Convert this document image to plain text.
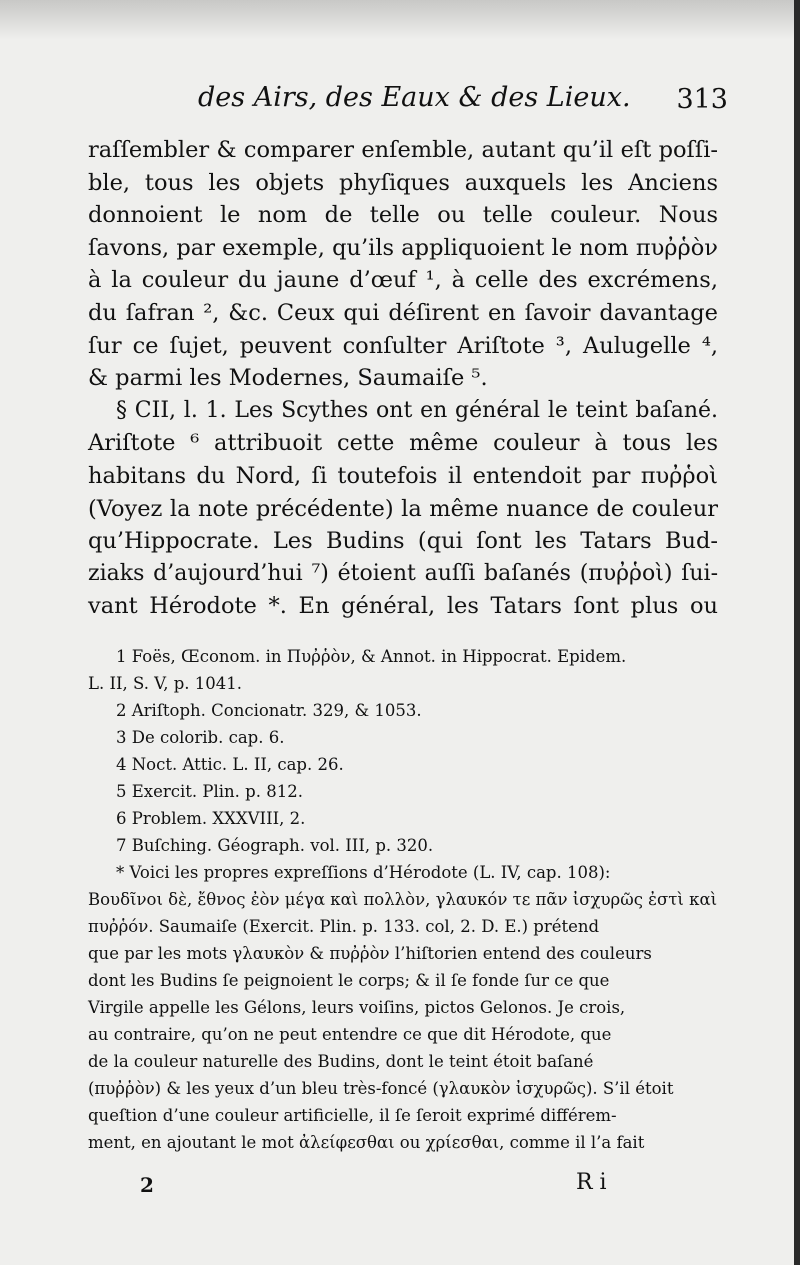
des Airs, des Eaux & des Lieux. 313
raſſembler & comparer enſemble, autant qu’il eſt poſſi-
ble, tous les objets phyſiques auxquels les Anciens
donnoient le nom de telle ou telle couleur. Nous
ſavons, par exemple, qu’ils appliquoient le nom πυῤῥὸν
à la couleur du jaune d’œuf ¹, à celle des excrémens,
du ſafran ², &c. Ceux qui déſirent en ſavoir davantage
ſur ce ſujet, peuvent conſulter Ariſtote ³, Aulugelle ⁴,
& parmi les Modernes, Saumaiſe ⁵.
§ CII, l. 1. Les Scythes ont en général le teint baſané.
Ariſtote ⁶ attribuoit cette même couleur à tous les
habitans du Nord, ſi toutefois il entendoit par πυῤῥοὶ
(Voyez la note précédente) la même nuance de couleur
qu’Hippocrate. Les Budins (qui ſont les Tatars Bud-
ziaks d’aujourd’hui ⁷) étoient auſſi baſanés (πυῤῥοὶ) ſui-
vant Hérodote *. En général, les Tatars ſont plus ou
1 Foës, Œconom. in Πυῤῥὸν, & Annot. in Hippocrat. Epidem.
L. II, S. V, p. 1041.
2 Ariſtoph. Concionatr. 329, & 1053.
3 De colorib. cap. 6.
4 Noct. Attic. L. II, cap. 26.
5 Exercit. Plin. p. 812.
6 Problem. XXXVIII, 2.
7 Buſching. Géograph. vol. III, p. 320.
* Voici les propres expreſſions d’Hérodote (L. IV, cap. 108):
Βουδῖνοι δὲ, ἔθνος ἐὸν μέγα καὶ πολλὸν, γλαυκόν τε πᾶν ἰσχυρῶς ἐστὶ καὶ
πυῤῥόν. Saumaiſe (Exercit. Plin. p. 133. col, 2. D. E.) prétend
que par les mots γλαυκὸν & πυῤῥὸν l’hiſtorien entend des couleurs
dont les Budins ſe peignoient le corps; & il ſe fonde ſur ce que
Virgile appelle les Gélons, leurs voiſins, pictos Gelonos. Je crois,
au contraire, qu’on ne peut entendre ce que dit Hérodote, que
de la couleur naturelle des Budins, dont le teint étoit baſané
(πυῤῥὸν) & les yeux d’un bleu très-foncé (γλαυκὸν ἰσχυρῶς). S’il étoit
queſtion d’une couleur artificielle, il ſe ſeroit exprimé différem-
ment, en ajoutant le mot ἀλείφεσθαι ou χρίεσθαι, comme il l’a fait
2	R i
